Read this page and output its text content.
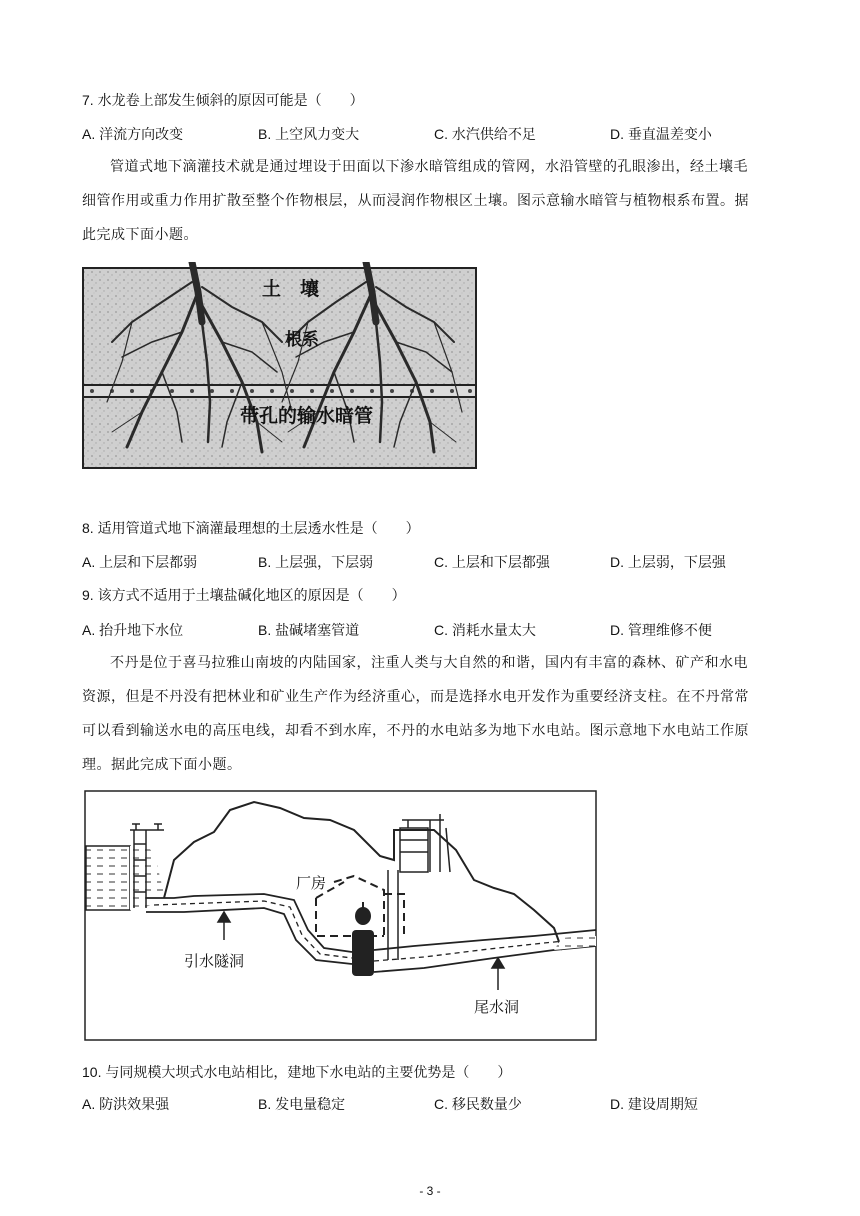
7. 水龙卷上部发生倾斜的原因可能是（　　）
A. 洋流方向改变	B. 上空风力变大	C. 水汽供给不足	D. 垂直温差变小
管道式地下滴灌技术就是通过埋设于田面以下渗水暗管组成的管网，水沿管壁的孔眼渗出，经土壤毛
细管作用或重力作用扩散至整个作物根层，从而浸润作物根区土壤。图示意输水暗管与植物根系布置。据
此完成下面小题。
土　壤
根系
带孔的输水暗管
8. 适用管道式地下滴灌最理想的土层透水性是（　　）
A. 上层和下层都弱	B. 上层强，下层弱	C. 上层和下层都强	D. 上层弱，下层强
9. 该方式不适用于土壤盐碱化地区的原因是（　　）
A. 抬升地下水位	B. 盐碱堵塞管道	C. 消耗水量太大	D. 管理维修不便
不丹是位于喜马拉雅山南坡的内陆国家，注重人类与大自然的和谐，国内有丰富的森林、矿产和水电
资源，但是不丹没有把林业和矿业生产作为经济重心，而是选择水电开发作为重要经济支柱。在不丹常常
可以看到输送水电的高压电线，却看不到水库，不丹的水电站多为地下水电站。图示意地下水电站工作原
理。据此完成下面小题。
厂房
引水隧洞
尾水洞
10. 与同规模大坝式水电站相比，建地下水电站的主要优势是（　　）
A. 防洪效果强	B. 发电量稳定	C. 移民数量少	D. 建设周期短
- 3 -
